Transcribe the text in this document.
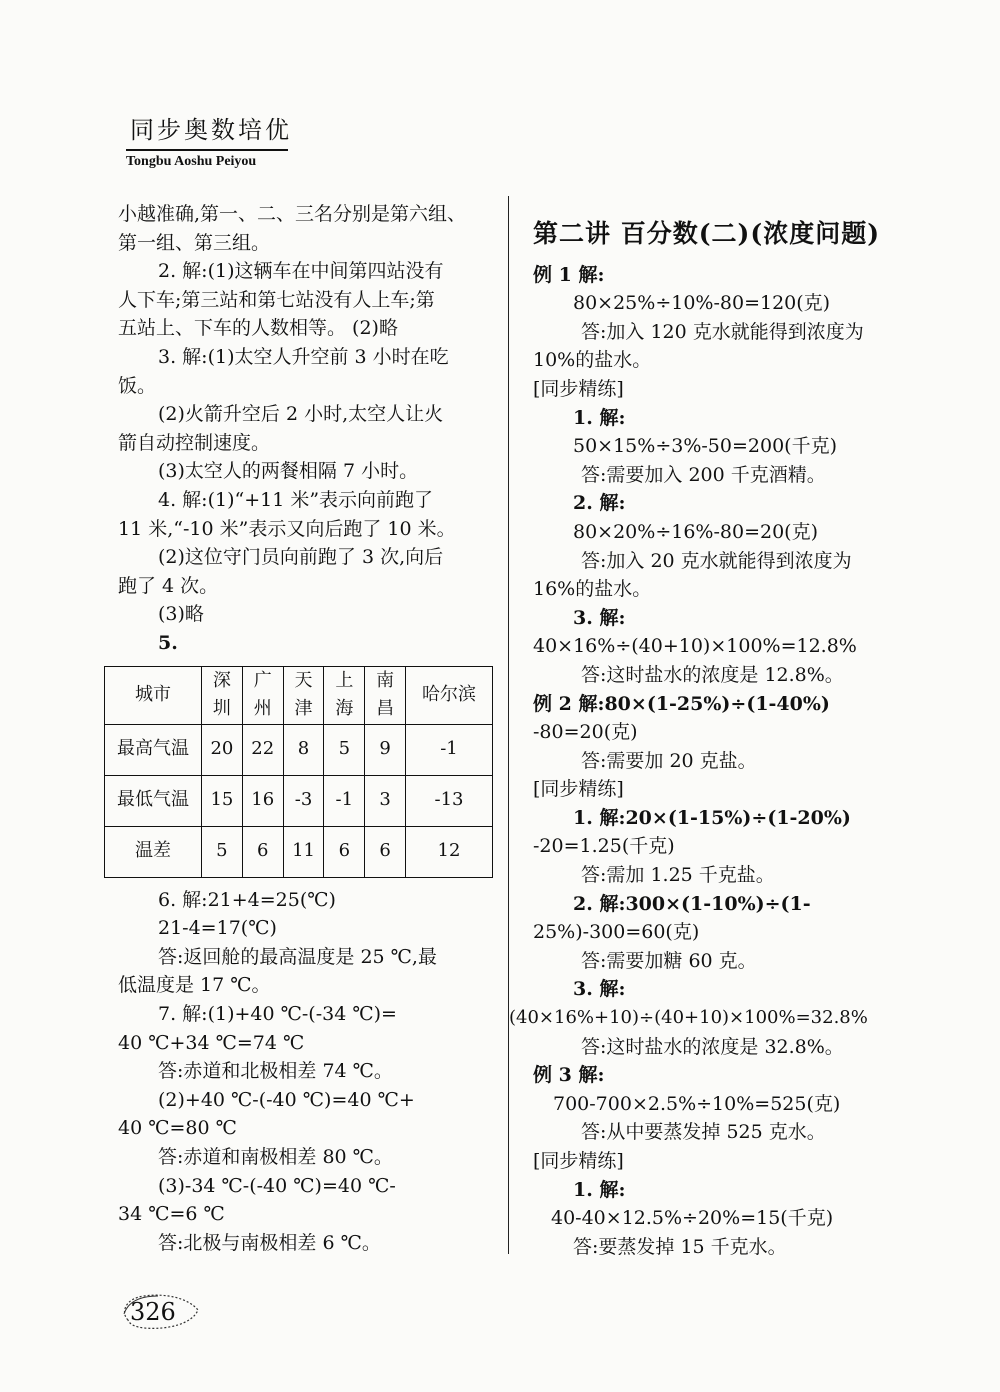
同步奥数培优
Tongbu Aoshu Peiyou
小越准确,第一、二、三名分别是第六组、
第一组、第三组。
2. 解:(1)这辆车在中间第四站没有
人下车;第三站和第七站没有人上车;第
五站上、下车的人数相等。 (2)略
3. 解:(1)太空人升空前 3 小时在吃
饭。
(2)火箭升空后 2 小时,太空人让火
箭自动控制速度。
(3)太空人的两餐相隔 7 小时。
4. 解:(1)“+11 米”表示向前跑了
11 米,“-10 米”表示又向后跑了 10 米。
(2)这位守门员向前跑了 3 次,向后
跑了 4 次。
(3)略
5.
城市	深圳	广州	天津	上海	南昌	哈尔滨
最高气温	20	22	8	5	9	-1
最低气温	15	16	-3	-1	3	-13
温差	5	6	11	6	6	12
6. 解:21+4=25(℃)
21-4=17(℃)
答:返回舱的最高温度是 25 ℃,最
低温度是 17 ℃。
7. 解:(1)+40 ℃-(-34 ℃)=
40 ℃+34 ℃=74 ℃
答:赤道和北极相差 74 ℃。
(2)+40 ℃-(-40 ℃)=40 ℃+
40 ℃=80 ℃
答:赤道和南极相差 80 ℃。
(3)-34 ℃-(-40 ℃)=40 ℃-
34 ℃=6 ℃
答:北极与南极相差 6 ℃。
第二讲 百分数(二)(浓度问题)
例 1 解:
80×25%÷10%-80=120(克)
答:加入 120 克水就能得到浓度为
10%的盐水。
[同步精练]
1. 解:
50×15%÷3%-50=200(千克)
答:需要加入 200 千克酒精。
2. 解:
80×20%÷16%-80=20(克)
答:加入 20 克水就能得到浓度为
16%的盐水。
3. 解:
40×16%÷(40+10)×100%=12.8%
答:这时盐水的浓度是 12.8%。
例 2 解:80×(1-25%)÷(1-40%)
-80=20(克)
答:需要加 20 克盐。
[同步精练]
1. 解:20×(1-15%)÷(1-20%)
-20=1.25(千克)
答:需加 1.25 千克盐。
2. 解:300×(1-10%)÷(1-
25%)-300=60(克)
答:需要加糖 60 克。
3. 解:
(40×16%+10)÷(40+10)×100%=32.8%
答:这时盐水的浓度是 32.8%。
例 3 解:
700-700×2.5%÷10%=525(克)
答:从中要蒸发掉 525 克水。
[同步精练]
1. 解:
40-40×12.5%÷20%=15(千克)
答:要蒸发掉 15 千克水。
326
